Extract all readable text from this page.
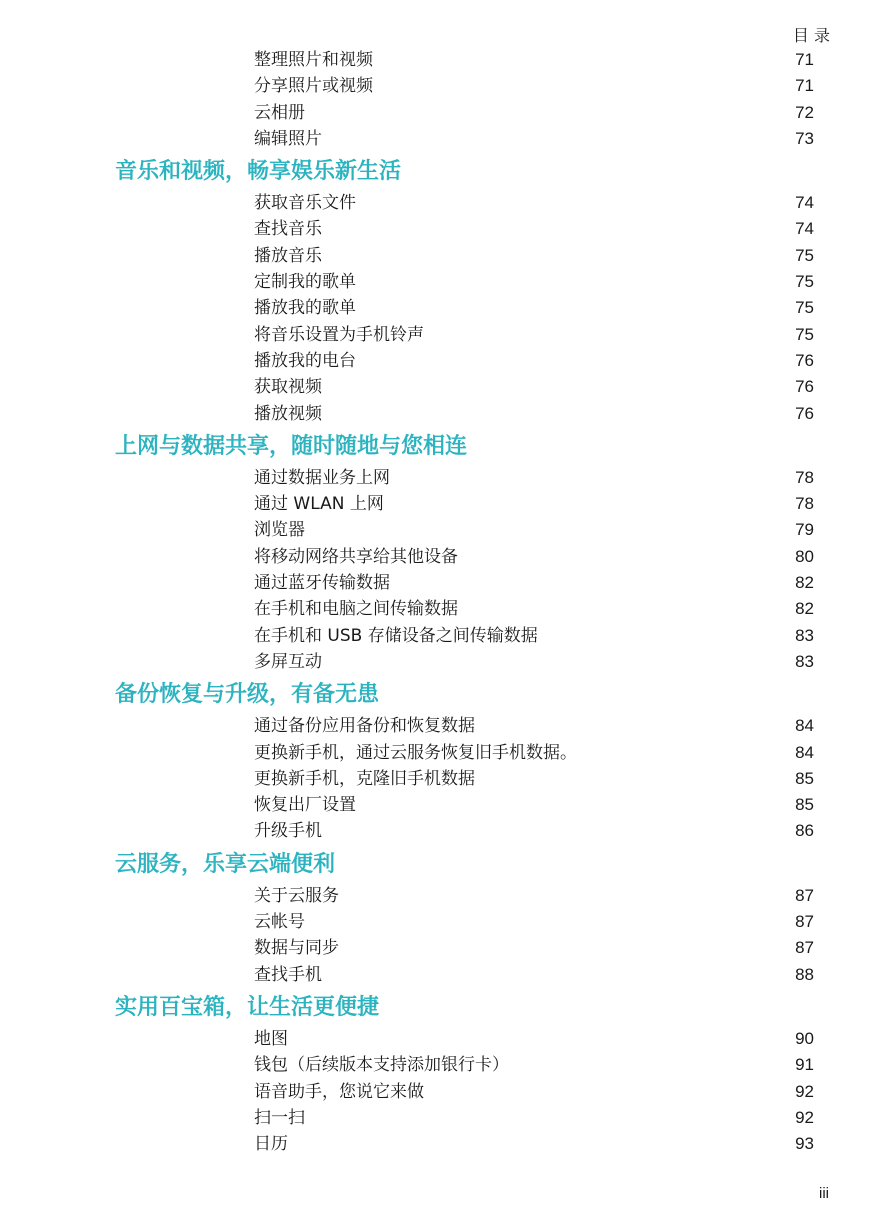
目 录
整理照片和视频	71
分享照片或视频	71
云相册	72
编辑照片	73
音乐和视频，畅享娱乐新生活
获取音乐文件	74
查找音乐	74
播放音乐	75
定制我的歌单	75
播放我的歌单	75
将音乐设置为手机铃声	75
播放我的电台	76
获取视频	76
播放视频	76
上网与数据共享，随时随地与您相连
通过数据业务上网	78
通过 WLAN 上网	78
浏览器	79
将移动网络共享给其他设备	80
通过蓝牙传输数据	82
在手机和电脑之间传输数据	82
在手机和 USB 存储设备之间传输数据	83
多屏互动	83
备份恢复与升级，有备无患
通过备份应用备份和恢复数据	84
更换新手机，通过云服务恢复旧手机数据。	84
更换新手机，克隆旧手机数据	85
恢复出厂设置	85
升级手机	86
云服务，乐享云端便利
关于云服务	87
云帐号	87
数据与同步	87
查找手机	88
实用百宝箱，让生活更便捷
地图	90
钱包（后续版本支持添加银行卡）	91
语音助手，您说它来做	92
扫一扫	92
日历	93
iii
